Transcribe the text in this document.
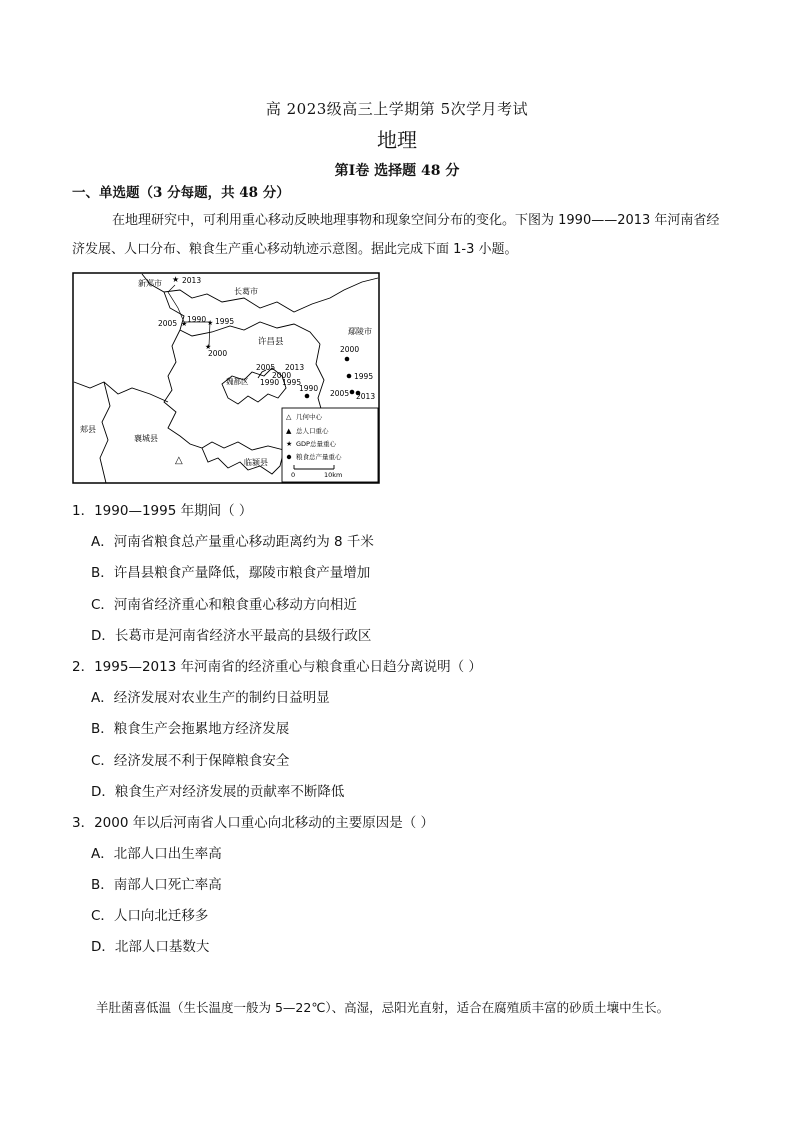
高 2023级高三上学期第 5次学月考试
地理
第Ⅰ卷 选择题 48 分
一、单选题（3 分每题，共 48 分）
在地理研究中，可利用重心移动反映地理事物和现象空间分布的变化。下图为 1990——2013 年河南省经济发展、人口分布、粮食生产重心移动轨迹示意图。据此完成下面 1-3 小题。
新郑市
长葛市
鄢陵市
许昌县
魏都区
郏县
襄城县
临颍县
★ 2013
★
2005 1990 ★ 1995
★
2000
2005 2013
2000
1990 1995
2000
1995
1990
2005 2013
△
△ 几何中心
▲ 总人口重心
★ GDP总量重心
粮食总产量重心
0	10km
1．1990—1995 年期间（ ）
A．河南省粮食总产量重心移动距离约为 8 千米
B．许昌县粮食产量降低，鄢陵市粮食产量增加
C．河南省经济重心和粮食重心移动方向相近
D．长葛市是河南省经济水平最高的县级行政区
2．1995—2013 年河南省的经济重心与粮食重心日趋分离说明（ ）
A．经济发展对农业生产的制约日益明显
B．粮食生产会拖累地方经济发展
C．经济发展不利于保障粮食安全
D．粮食生产对经济发展的贡献率不断降低
3．2000 年以后河南省人口重心向北移动的主要原因是（ ）
A．北部人口出生率高
B．南部人口死亡率高
C．人口向北迁移多
D．北部人口基数大
羊肚菌喜低温（生长温度一般为 5—22℃）、高湿，忌阳光直射，适合在腐殖质丰富的砂质土壤中生长。
